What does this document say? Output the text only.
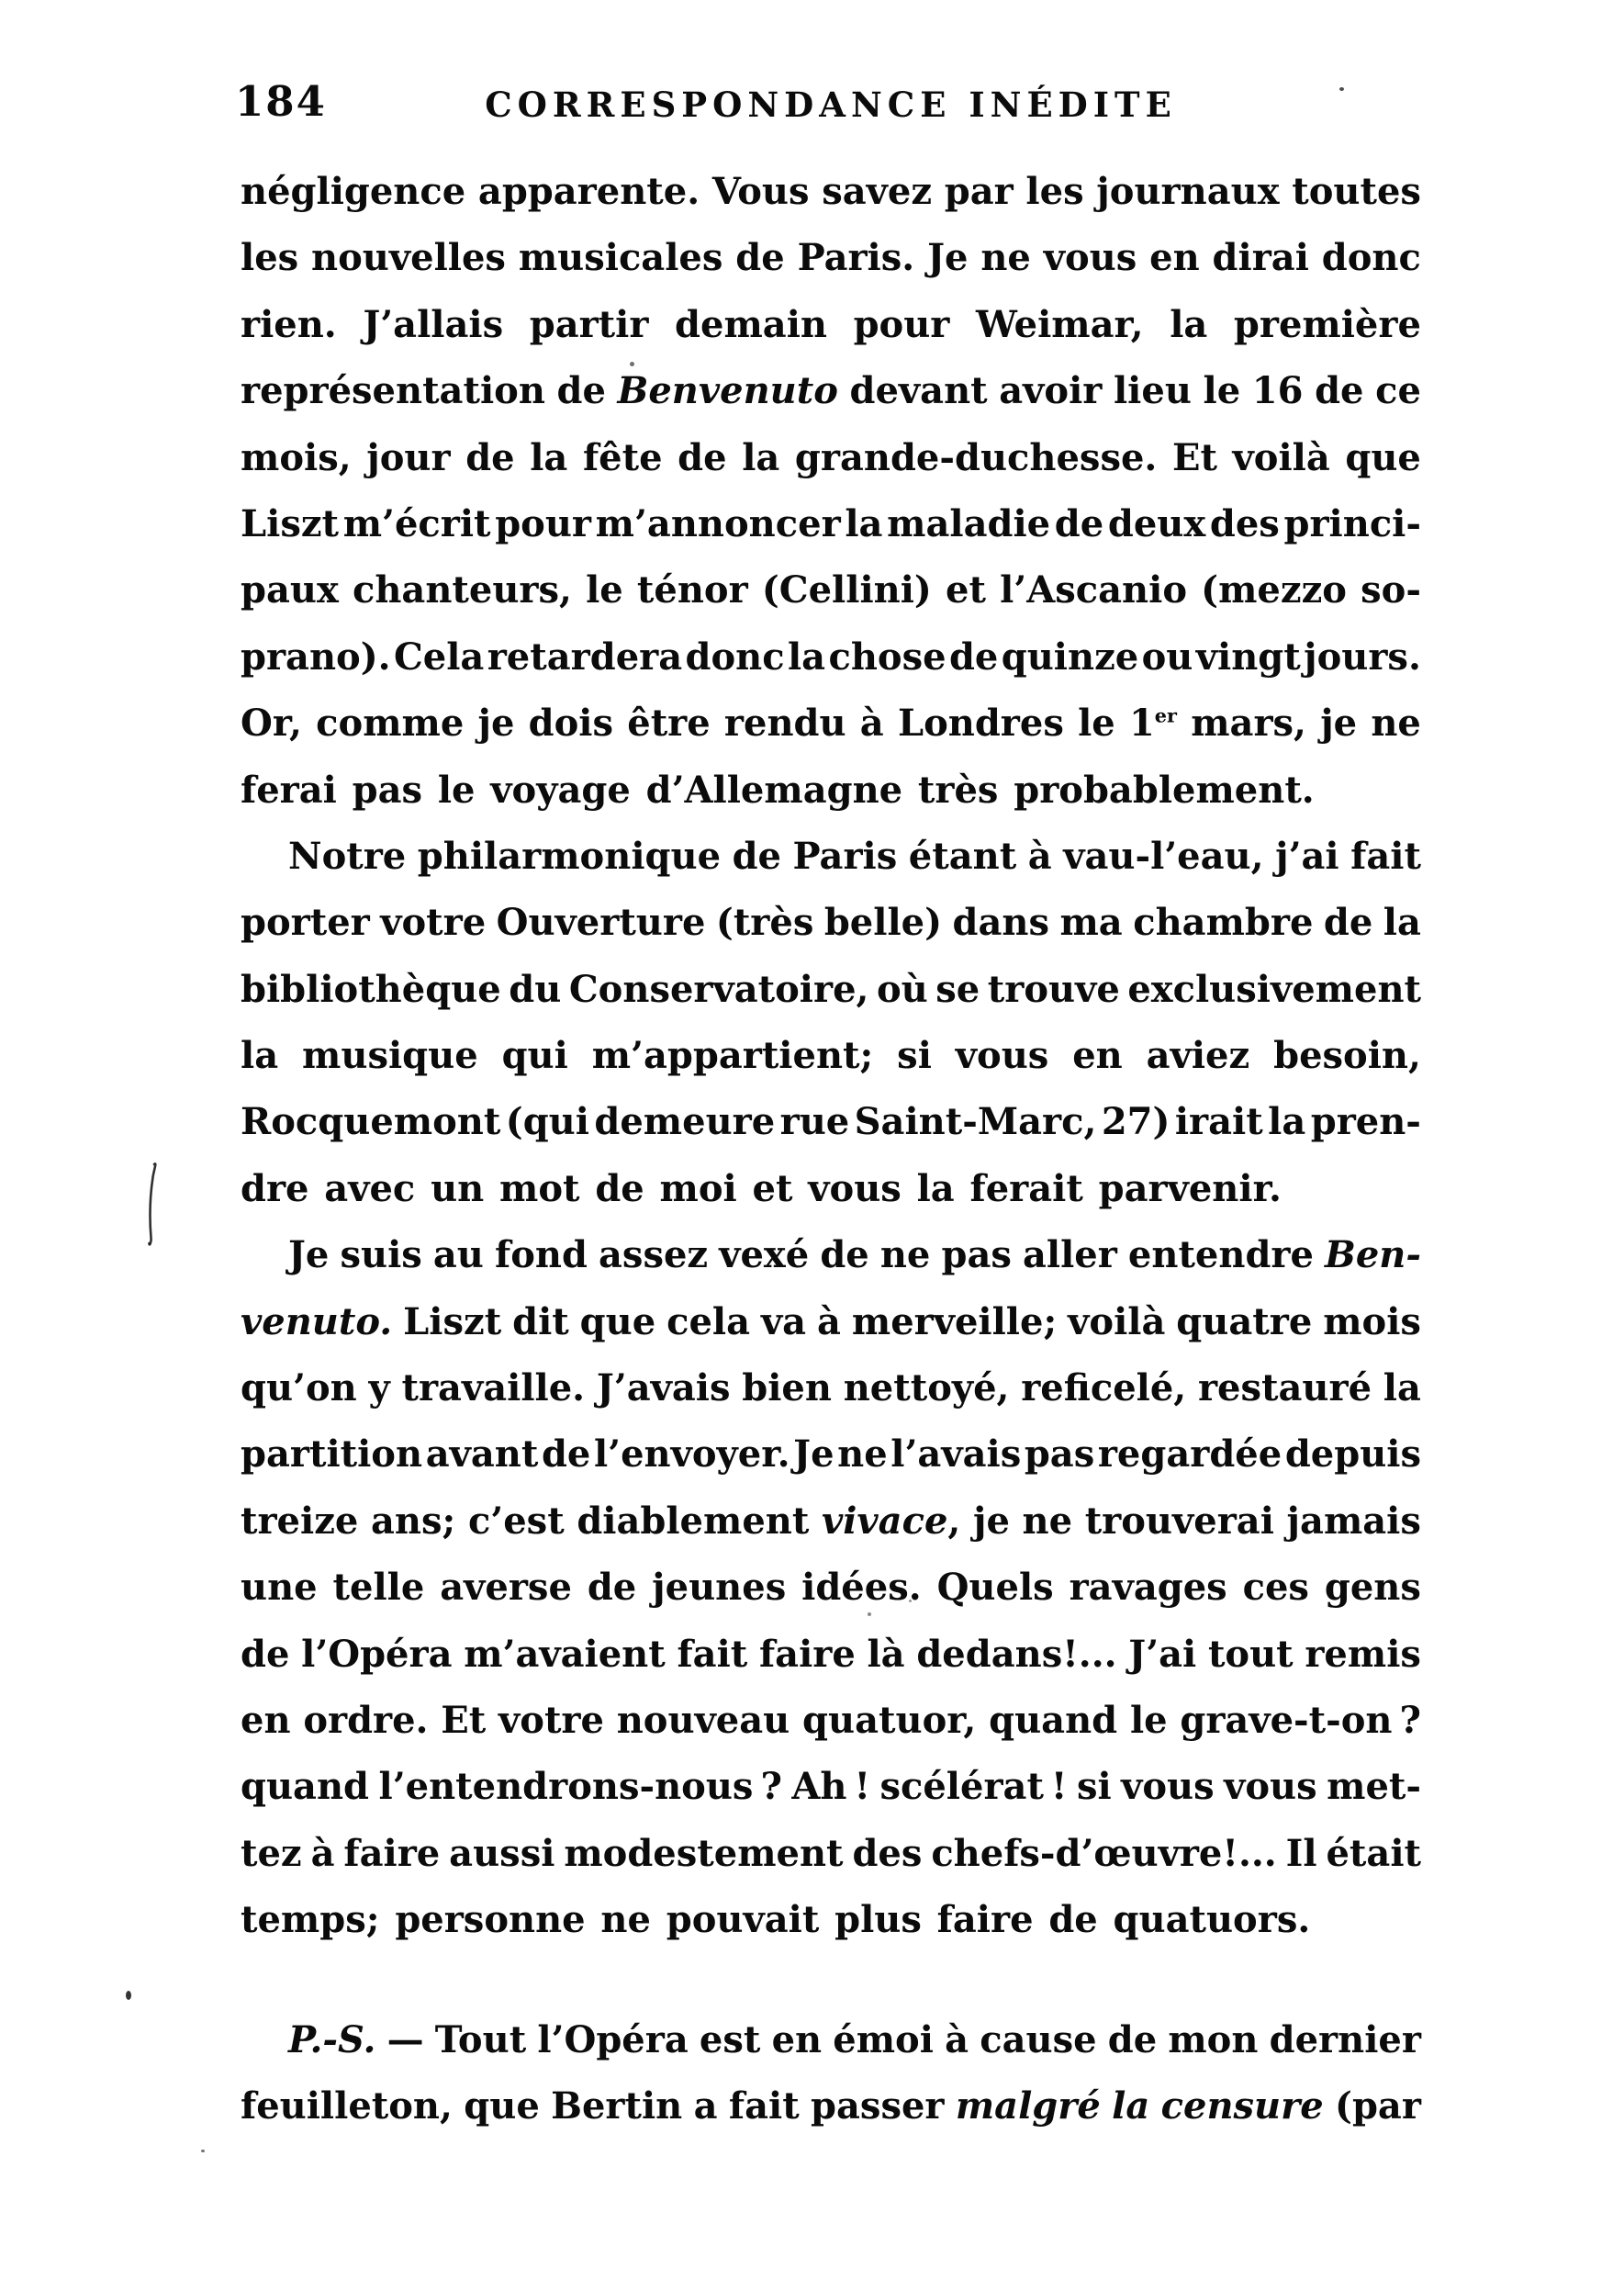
184	CORRESPONDANCE INÉDITE
négligence apparente. Vous savez par les journaux toutes
les nouvelles musicales de Paris. Je ne vous en dirai donc
rien. J’allais partir demain pour Weimar, la première
représentation de Benvenuto devant avoir lieu le 16 de ce
mois, jour de la fête de la grande-duchesse. Et voilà que
Liszt m’écrit pour m’annoncer la maladie de deux des princi-
paux chanteurs, le ténor (Cellini) et l’Ascanio (mezzo so-
prano). Cela retardera donc la chose de quinze ou vingt jours.
Or, comme je dois être rendu à Londres le 1er mars, je ne
ferai pas le voyage d’Allemagne très probablement.
Notre philarmonique de Paris étant à vau-l’eau, j’ai fait
porter votre Ouverture (très belle) dans ma chambre de la
bibliothèque du Conservatoire, où se trouve exclusivement
la musique qui m’appartient; si vous en aviez besoin,
Rocquemont (qui demeure rue Saint-Marc, 27) irait la pren-
dre avec un mot de moi et vous la ferait parvenir.
Je suis au fond assez vexé de ne pas aller entendre Ben-
venuto. Liszt dit que cela va à merveille; voilà quatre mois
qu’on y travaille. J’avais bien nettoyé, reficelé, restauré la
partition avant de l’envoyer. Je ne l’avais pas regardée depuis
treize ans; c’est diablement vivace, je ne trouverai jamais
une telle averse de jeunes idées. Quels ravages ces gens
de l’Opéra m’avaient fait faire là dedans!... J’ai tout remis
en ordre. Et votre nouveau quatuor, quand le grave-t-on ?
quand l’entendrons-nous ? Ah ! scélérat ! si vous vous met-
tez à faire aussi modestement des chefs-d’œuvre!... Il était
temps; personne ne pouvait plus faire de quatuors.
P.-S. — Tout l’Opéra est en émoi à cause de mon dernier
feuilleton, que Bertin a fait passer malgré la censure (par
